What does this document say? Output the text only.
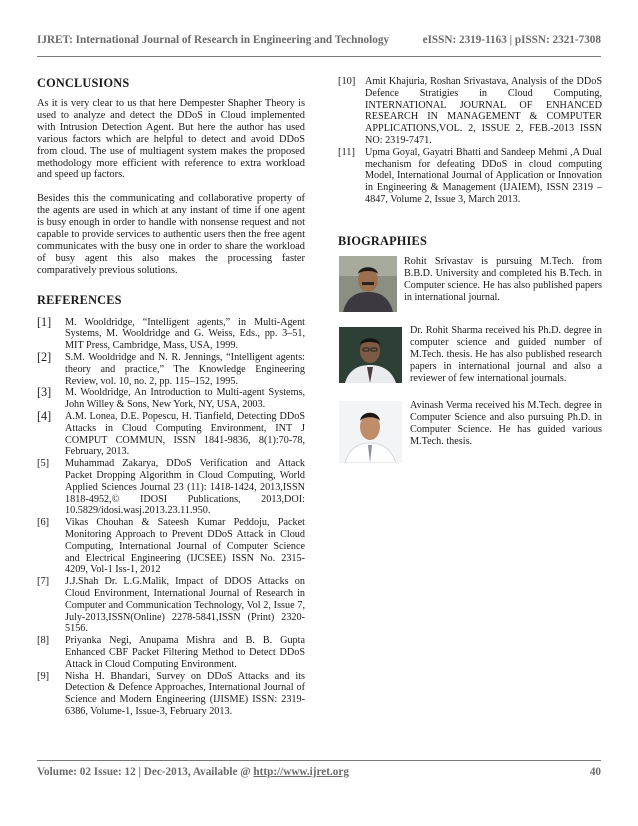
IJRET: International Journal of Research in Engineering and Technology	eISSN: 2319-1163 | pISSN: 2321-7308
CONCLUSIONS

As it is very clear to us that here Dempester Shapher Theory is used to analyze and detect the DDoS in Cloud implemented with Intrusion Detection Agent. But here the author has used various factors which are helpful to detect and avoid DDoS from cloud. The use of multiagent system makes the proposed methodology more efficient with reference to extra workload and speed up factors.

Besides this the communicating and collaborative property of the agents are used in which at any instant of time if one agent is busy enough in order to handle with nonsense request and not capable to provide services to authentic users then the free agent communicates with the busy one in order to share the workload of busy agent this also makes the processing faster comparatively previous solutions.

REFERENCES
[1]	M. Wooldridge, “Intelligent agents,” in Multi-Agent Systems, M. Wooldridge and G. Weiss, Eds., pp. 3–51, MIT Press, Cambridge, Mass, USA, 1999.
[2]	S.M. Wooldridge and N. R. Jennings, “Intelligent agents: theory and practice,” The Knowledge Engineering Review, vol. 10, no. 2, pp. 115–152, 1995.
[3]	M. Wooldridge, An Introduction to Multi-agent Systems, John Willey & Sons, New York, NY, USA, 2003.
[4]	A.M. Lonea, D.E. Popescu, H. Tianfield, Detecting DDoS Attacks in Cloud Computing Environment, INT J COMPUT COMMUN, ISSN 1841-9836, 8(1):70-78, February, 2013.
[5]	Muhammad Zakarya, DDoS Verification and Attack Packet Dropping Algorithm in Cloud Computing, World Applied Sciences Journal 23 (11): 1418-1424, 2013,ISSN 1818-4952,© IDOSI Publications, 2013,DOI: 10.5829/idosi.wasj.2013.23.11.950.
[6]	Vikas Chouhan & Sateesh Kumar Peddoju, Packet Monitoring Approach to Prevent DDoS Attack in Cloud Computing, International Journal of Computer Science and Electrical Engineering (IJCSEE) ISSN No. 2315-4209, Vol-1 Iss-1, 2012
[7]	J.J.Shah Dr. L.G.Malik, Impact of DDOS Attacks on Cloud Environment, International Journal of Research in Computer and Communication Technology, Vol 2, Issue 7, July-2013,ISSN(Online) 2278-5841,ISSN (Print) 2320-5156.
[8]	Priyanka Negi, Anupama Mishra and B. B. Gupta Enhanced CBF Packet Filtering Method to Detect DDoS Attack in Cloud Computing Environment.
[9]	Nisha H. Bhandari, Survey on DDoS Attacks and its Detection & Defence Approaches, International Journal of Science and Modern Engineering (IJISME) ISSN: 2319-6386, Volume-1, Issue-3, February 2013.
[10] Amit Khajuria, Roshan Srivastava, Analysis of the DDoS Defence Stratigies in Cloud Computing, INTERNATIONAL JOURNAL OF ENHANCED RESEARCH IN MANAGEMENT & COMPUTER APPLICATIONS,VOL. 2, ISSUE 2, FEB.-2013 ISSN NO: 2319-7471.
[11] Upma Goyal, Gayatri Bhatti and Sandeep Mehmi ,A Dual mechanism for defeating DDoS in cloud computing Model, International Journal of Application or Innovation in Engineering & Management (IJAIEM), ISSN 2319 – 4847, Volume 2, Issue 3, March 2013.
BIOGRAPHIES
Rohit Srivastav is pursuing M.Tech. from B.B.D. University and completed his B.Tech. in Computer science. He has also published papers in international journal.
Dr. Rohit Sharma received his Ph.D. degree in computer science and guided number of M.Tech. thesis. He has also published research papers in international journal and also a reviewer of few international journals.
Avinash Verma received his M.Tech. degree in Computer Science and also pursuing Ph.D. in Computer Science. He has guided various M.Tech. thesis.
Volume: 02 Issue: 12 | Dec-2013, Available @ http://www.ijret.org	40
